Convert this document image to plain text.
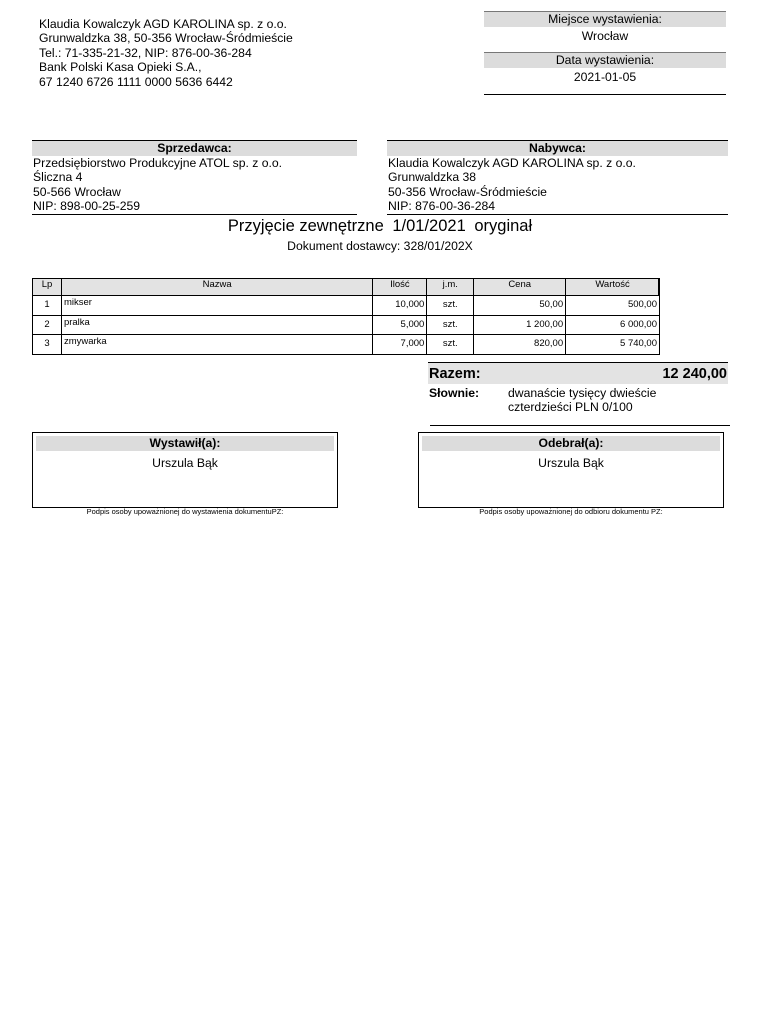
Klaudia Kowalczyk AGD KAROLINA sp. z o.o.
Grunwaldzka 38, 50-356 Wrocław-Śródmieście
Tel.: 71-335-21-32, NIP: 876-00-36-284
Bank Polski Kasa Opieki S.A.,
67 1240 6726 1111 0000 5636 6442
Miejsce wystawienia:
Wrocław
Data wystawienia:
2021-01-05
Sprzedawca:
Przedsiębiorstwo Produkcyjne ATOL sp. z o.o.
Śliczna 4
50-566 Wrocław
NIP: 898-00-25-259
Nabywca:
Klaudia Kowalczyk AGD KAROLINA sp. z o.o.
Grunwaldzka 38
50-356 Wrocław-Śródmieście
NIP: 876-00-36-284
Przyjęcie zewnętrzne 1/01/2021 oryginał
Dokument dostawcy: 328/01/202X
Lp	Nazwa	Ilość	j.m.	Cena	Wartość
1	mikser	10,000	szt.	50,00	500,00
2	pralka	5,000	szt.	1 200,00	6 000,00
3	zmywarka	7,000	szt.	820,00	5 740,00
Razem:	12 240,00
Słownie:	dwanaście tysięcy dwieście
czterdzieści PLN 0/100
Wystawił(a):
Urszula Bąk
Podpis osoby upoważnionej do wystawienia dokumentuPZ:
Odebrał(a):
Urszula Bąk
Podpis osoby upoważnionej do odbioru dokumentu PZ:
